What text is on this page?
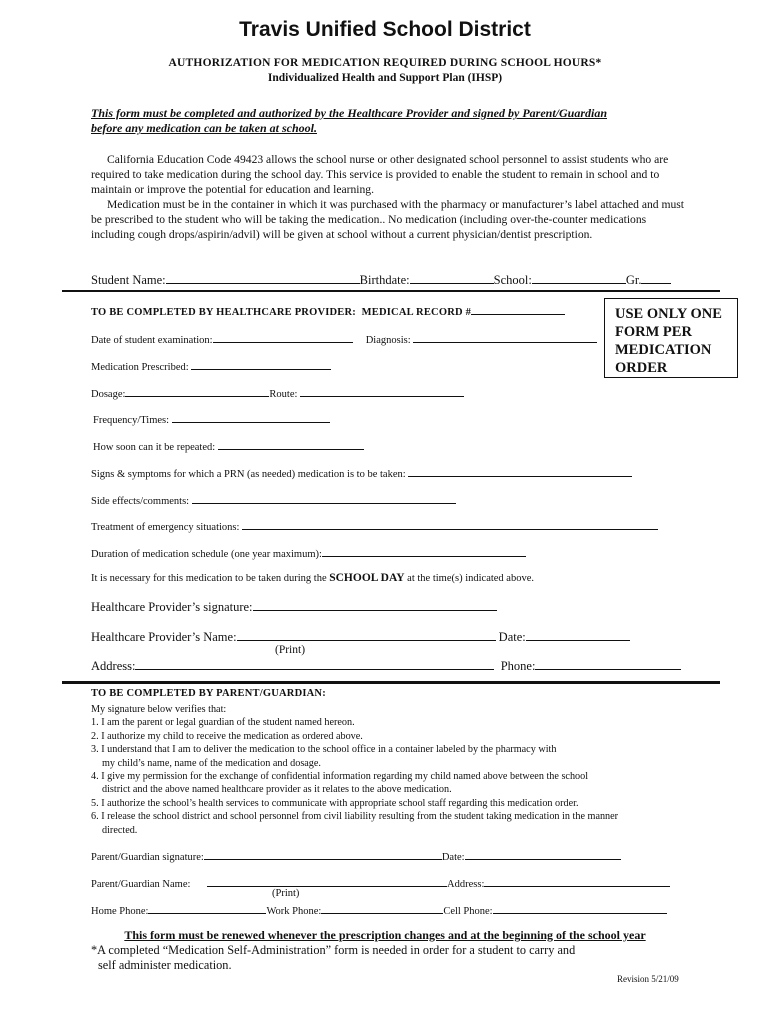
Travis Unified School District
AUTHORIZATION FOR MEDICATION REQUIRED DURING SCHOOL HOURS*
Individualized Health and Support Plan (IHSP)
This form must be completed and authorized by the Healthcare Provider and signed by Parent/Guardian
before any medication can be taken at school.

California Education Code 49423 allows the school nurse or other designated school personnel to assist students who are required to take medication during the school day. This service is provided to enable the student to remain in school and to maintain or improve the potential for education and learning.

Medication must be in the container in which it was purchased with the pharmacy or manufacturer’s label attached and must be prescribed to the student who will be taking the medication.. No medication (including over-the-counter medications including cough drops/aspirin/advil) will be given at school without a current physician/dentist prescription.

Student Name:	Birthdate:	School:	Gr.
TO BE COMPLETED BY HEALTHCARE PROVIDER: MEDICAL RECORD #	USE ONLY ONE
FORM PER
MEDICATION
ORDER
Date of student examination:	Diagnosis:
Medication Prescribed:
Dosage:	Route:
Frequency/Times:
How soon can it be repeated:
Signs & symptoms for which a PRN (as needed) medication is to be taken:
Side effects/comments:
Treatment of emergency situations:
Duration of medication schedule (one year maximum):
It is necessary for this medication to be taken during the SCHOOL DAY at the time(s) indicated above.
Healthcare Provider’s signature:
Healthcare Provider’s Name:	Date:
(Print)
Address:	Phone:
TO BE COMPLETED BY PARENT/GUARDIAN:
My signature below verifies that:
1. I am the parent or legal guardian of the student named hereon.
2. I authorize my child to receive the medication as ordered above.
3. I understand that I am to deliver the medication to the school office in a container labeled by the pharmacy with
my child’s name, name of the medication and dosage.
4. I give my permission for the exchange of confidential information regarding my child named above between the school
district and the above named healthcare provider as it relates to the above medication.
5. I authorize the school’s health services to communicate with appropriate school staff regarding this medication order.
6. I release the school district and school personnel from civil liability resulting from the student taking medication in the manner
directed.
Parent/Guardian signature:	Date:
Parent/Guardian Name:	Address:
(Print)
Home Phone:	Work Phone:	Cell Phone:
This form must be renewed whenever the prescription changes and at the beginning of the school year
*A completed “Medication Self-Administration” form is needed in order for a student to carry and
self administer medication.
Revision 5/21/09
